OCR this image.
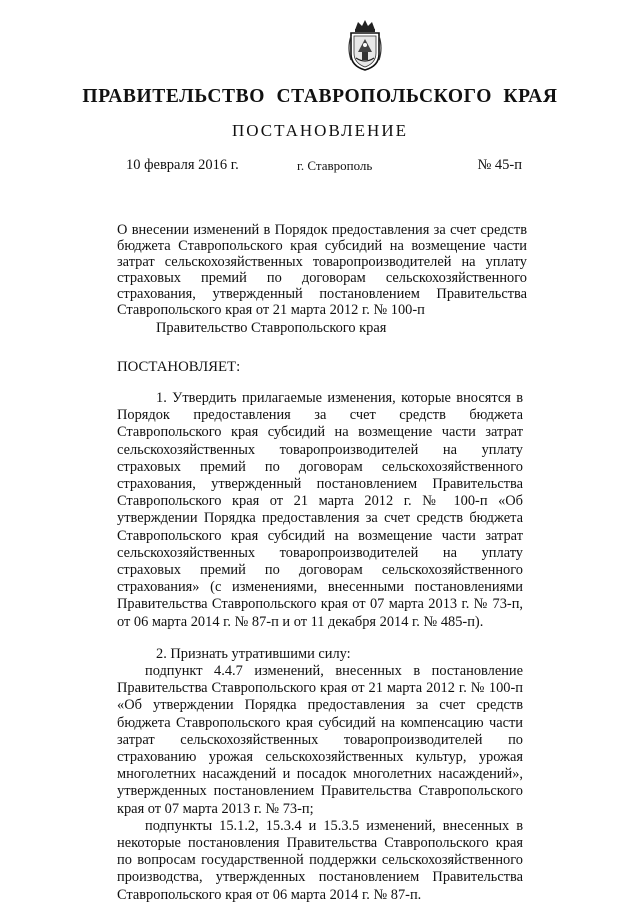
ПРАВИТЕЛЬСТВО СТАВРОПОЛЬСКОГО КРАЯ
ПОСТАНОВЛЕНИЕ
10 февраля 2016 г.	г. Ставрополь	№ 45-п
О внесении изменений в Порядок предоставления за счет средств бюджета Ставропольского края субсидий на возмещение части затрат сельскохозяйственных товаропроизводителей на уплату страховых премий по договорам сельскохозяйственного страхования, утвержденный постановлением Правительства Ставропольского края от 21 марта 2012 г. № 100-п
Правительство Ставропольского края
ПОСТАНОВЛЯЕТ:

1. Утвердить прилагаемые изменения, которые вносятся в Порядок предоставления за счет средств бюджета Ставропольского края субсидий на возмещение части затрат сельскохозяйственных товаропроизводителей на уплату страховых премий по договорам сельскохозяйственного страхования, утвержденный постановлением Правительства Ставропольского края от 21 марта 2012 г. № 100-п «Об утверждении Порядка предоставления за счет средств бюджета Ставропольского края субсидий на возмещение части затрат сельскохозяйственных товаропроизводителей на уплату страховых премий по договорам сельскохозяйственного страхования» (с изменениями, внесенными постановлениями Правительства Ставропольского края от 07 марта 2013 г. № 73-п, от 06 марта 2014 г. № 87-п и от 11 декабря 2014 г. № 485-п).

2. Признать утратившими силу:

подпункт 4.4.7 изменений, внесенных в постановление Правительства Ставропольского края от 21 марта 2012 г. № 100-п «Об утверждении Порядка предоставления за счет средств бюджета Ставропольского края субсидий на компенсацию части затрат сельскохозяйственных товаропроизводителей по страхованию урожая сельскохозяйственных культур, урожая многолетних насаждений и посадок многолетних насаждений», утвержденных постановлением Правительства Ставропольского края от 07 марта 2013 г. № 73-п;

подпункты 15.1.2, 15.3.4 и 15.3.5 изменений, внесенных в некоторые постановления Правительства Ставропольского края по вопросам государственной поддержки сельскохозяйственного производства, утвержденных постановлением Правительства Ставропольского края от 06 марта 2014 г. № 87-п.
